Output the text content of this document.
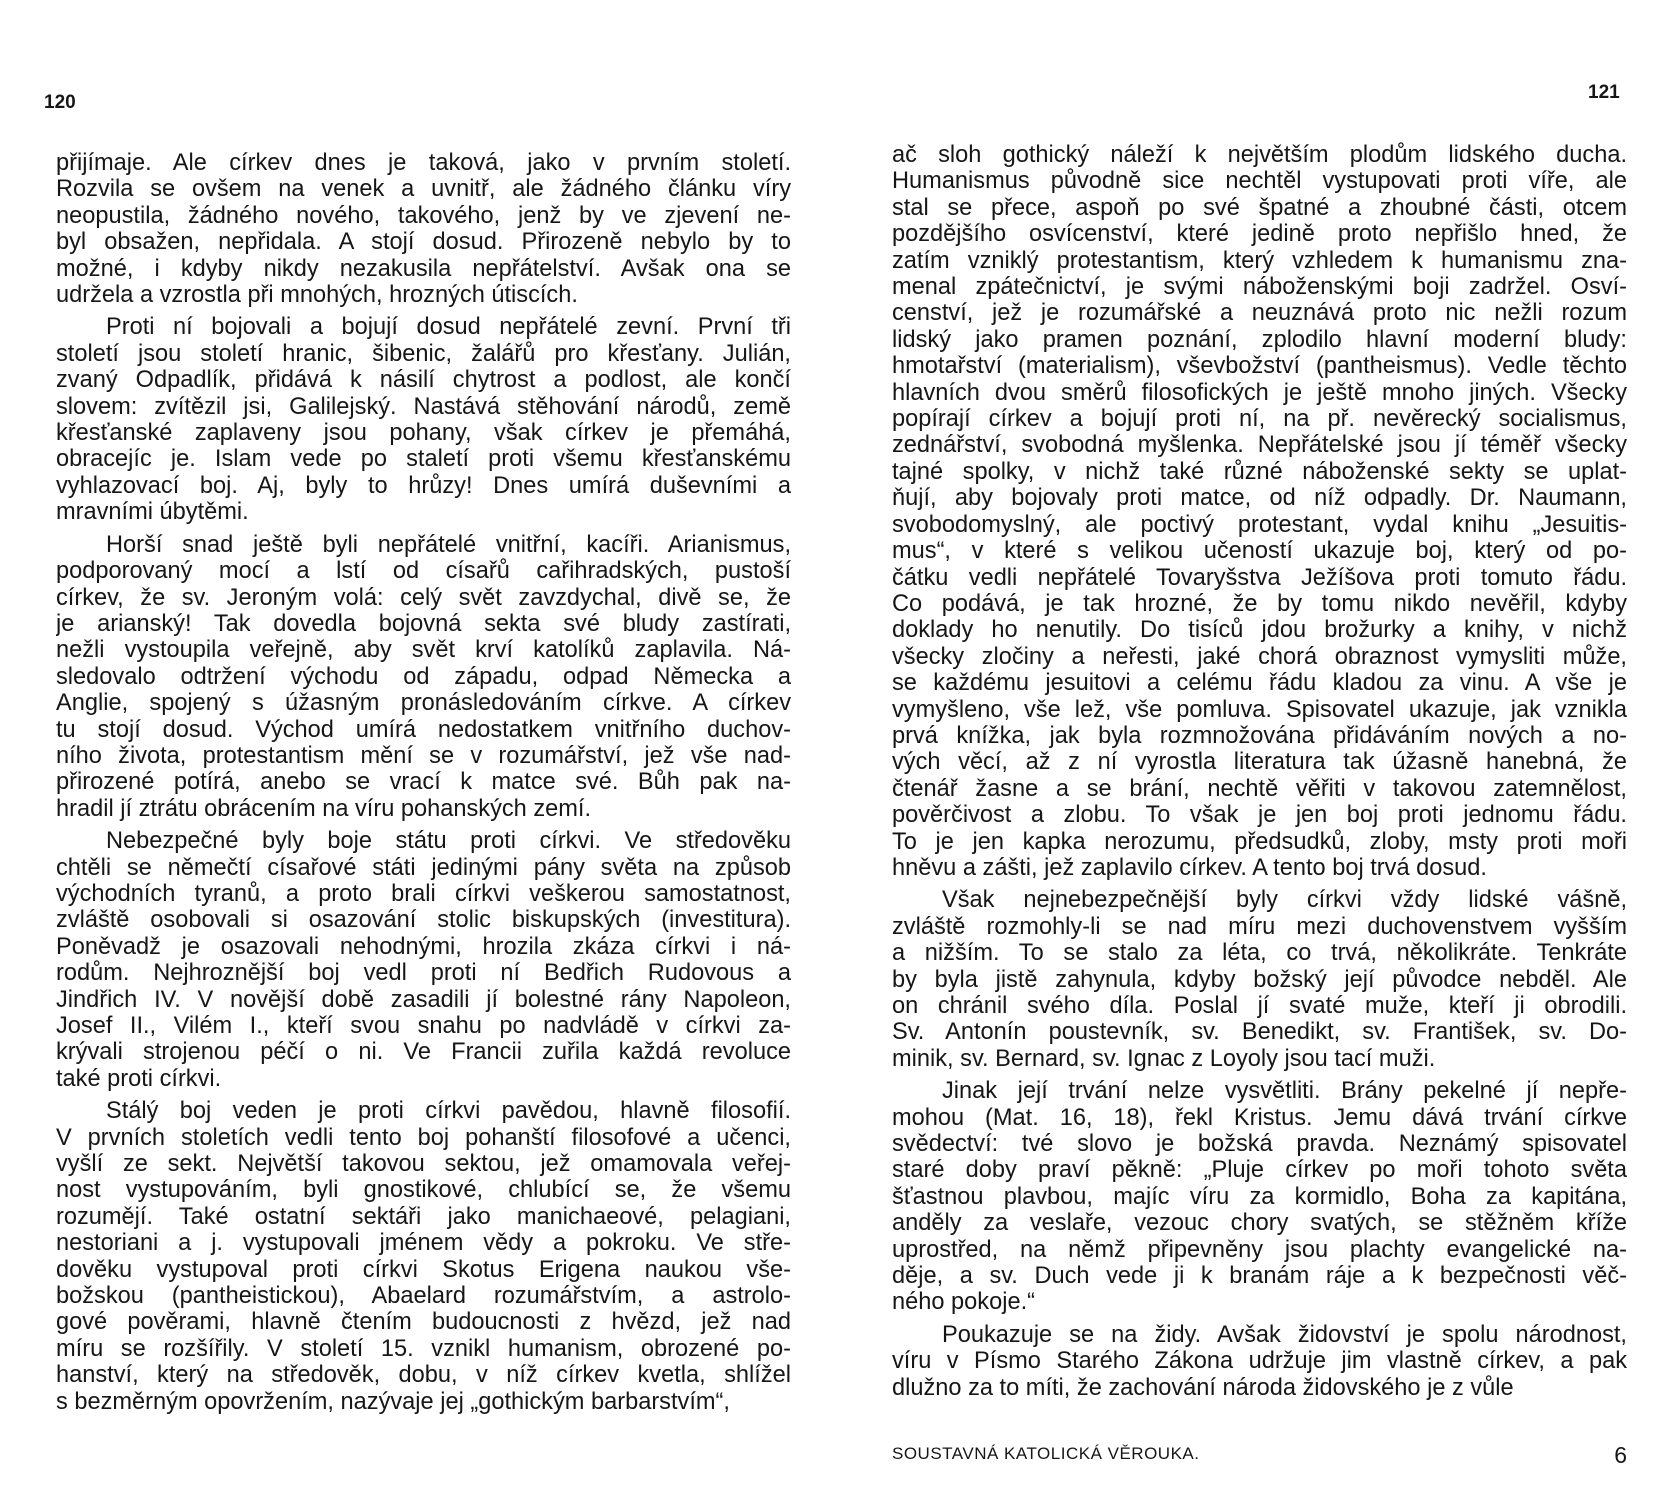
120	121
přijímaje. Ale církev dnes je taková, jako v prvním století.
Rozvila se ovšem na venek a uvnitř, ale žádného článku víry
neopustila, žádného nového, takového, jenž by ve zjevení ne-
byl obsažen, nepřidala. A stojí dosud. Přirozeně nebylo by to
možné, i kdyby nikdy nezakusila nepřátelství. Avšak ona se
udržela a vzrostla při mnohých, hrozných útiscích.
Proti ní bojovali a bojují dosud nepřátelé zevní. První tři
století jsou století hranic, šibenic, žalářů pro křesťany. Julián,
zvaný Odpadlík, přidává k násilí chytrost a podlost, ale končí
slovem: zvítězil jsi, Galilejský. Nastává stěhování národů, země
křesťanské zaplaveny jsou pohany, však církev je přemáhá,
obracejíc je. Islam vede po staletí proti všemu křesťanskému
vyhlazovací boj. Aj, byly to hrůzy! Dnes umírá duševními a
mravními úbytěmi.
Horší snad ještě byli nepřátelé vnitřní, kacíři. Arianismus,
podporovaný mocí a lstí od císařů cařihradských, pustoší
církev, že sv. Jeroným volá: celý svět zavzdychal, divě se, že
je arianský! Tak dovedla bojovná sekta své bludy zastírati,
nežli vystoupila veřejně, aby svět krví katolíků zaplavila. Ná-
sledovalo odtržení východu od západu, odpad Německa a
Anglie, spojený s úžasným pronásledováním církve. A církev
tu stojí dosud. Východ umírá nedostatkem vnitřního duchov-
ního života, protestantism mění se v rozumářství, jež vše nad-
přirozené potírá, anebo se vrací k matce své. Bůh pak na-
hradil jí ztrátu obrácením na víru pohanských zemí.
Nebezpečné byly boje státu proti církvi. Ve středověku
chtěli se němečtí císařové státi jedinými pány světa na způsob
východních tyranů, a proto brali církvi veškerou samostatnost,
zvláště osobovali si osazování stolic biskupských (investitura).
Poněvadž je osazovali nehodnými, hrozila zkáza církvi i ná-
rodům. Nejhroznější boj vedl proti ní Bedřich Rudovous a
Jindřich IV. V novější době zasadili jí bolestné rány Napoleon,
Josef II., Vilém I., kteří svou snahu po nadvládě v církvi za-
krývali strojenou péčí o ni. Ve Francii zuřila každá revoluce
také proti církvi.
Stálý boj veden je proti církvi pavědou, hlavně filosofií.
V prvních stoletích vedli tento boj pohanští filosofové a učenci,
vyšlí ze sekt. Největší takovou sektou, jež omamovala veřej-
nost vystupováním, byli gnostikové, chlubící se, že všemu
rozumějí. Také ostatní sektáři jako manichaeové, pelagiani,
nestoriani a j. vystupovali jménem vědy a pokroku. Ve stře-
dověku vystupoval proti církvi Skotus Erigena naukou vše-
božskou (pantheistickou), Abaelard rozumářstvím, a astrolo-
gové pověrami, hlavně čtením budoucnosti z hvězd, jež nad
míru se rozšířily. V století 15. vznikl humanism, obrozené po-
hanství, který na středověk, dobu, v níž církev kvetla, shlížel
s bezměrným opovržením, nazývaje jej „gothickým barbarstvím“,
ač sloh gothický náleží k největším plodům lidského ducha.
Humanismus původně sice nechtěl vystupovati proti víře, ale
stal se přece, aspoň po své špatné a zhoubné části, otcem
pozdějšího osvícenství, které jedině proto nepřišlo hned, že
zatím vzniklý protestantism, který vzhledem k humanismu zna-
menal zpátečnictví, je svými náboženskými boji zadržel. Osví-
cenství, jež je rozumářské a neuznává proto nic nežli rozum
lidský jako pramen poznání, zplodilo hlavní moderní bludy:
hmotařství (materialism), vševbožství (pantheismus). Vedle těchto
hlavních dvou směrů filosofických je ještě mnoho jiných. Všecky
popírají církev a bojují proti ní, na př. nevěrecký socialismus,
zednářství, svobodná myšlenka. Nepřátelské jsou jí téměř všecky
tajné spolky, v nichž také různé náboženské sekty se uplat-
ňují, aby bojovaly proti matce, od níž odpadly. Dr. Naumann,
svobodomyslný, ale poctivý protestant, vydal knihu „Jesuitis-
mus“, v které s velikou učeností ukazuje boj, který od po-
čátku vedli nepřátelé Tovaryšstva Ježíšova proti tomuto řádu.
Co podává, je tak hrozné, že by tomu nikdo nevěřil, kdyby
doklady ho nenutily. Do tisíců jdou brožurky a knihy, v nichž
všecky zločiny a neřesti, jaké chorá obraznost vymysliti může,
se každému jesuitovi a celému řádu kladou za vinu. A vše je
vymyšleno, vše lež, vše pomluva. Spisovatel ukazuje, jak vznikla
prvá knížka, jak byla rozmnožována přidáváním nových a no-
vých věcí, až z ní vyrostla literatura tak úžasně hanebná, že
čtenář žasne a se brání, nechtě věřiti v takovou zatemnělost,
pověrčivost a zlobu. To však je jen boj proti jednomu řádu.
To je jen kapka nerozumu, předsudků, zloby, msty proti moři
hněvu a zášti, jež zaplavilo církev. A tento boj trvá dosud.
Však nejnebezpečnější byly církvi vždy lidské vášně,
zvláště rozmohly-li se nad míru mezi duchovenstvem vyšším
a nižším. To se stalo za léta, co trvá, několikráte. Tenkráte
by byla jistě zahynula, kdyby božský její původce nebděl. Ale
on chránil svého díla. Poslal jí svaté muže, kteří ji obrodili.
Sv. Antonín poustevník, sv. Benedikt, sv. František, sv. Do-
minik, sv. Bernard, sv. Ignac z Loyoly jsou tací muži.
Jinak její trvání nelze vysvětliti. Brány pekelné jí nepře-
mohou (Mat. 16, 18), řekl Kristus. Jemu dává trvání církve
svědectví: tvé slovo je božská pravda. Neznámý spisovatel
staré doby praví pěkně: „Pluje církev po moři tohoto světa
šťastnou plavbou, majíc víru za kormidlo, Boha za kapitána,
anděly za veslaře, vezouc chory svatých, se stěžněm kříže
uprostřed, na němž připevněny jsou plachty evangelické na-
děje, a sv. Duch vede ji k branám ráje a k bezpečnosti věč-
ného pokoje.“
Poukazuje se na židy. Avšak židovství je spolu národnost,
víru v Písmo Starého Zákona udržuje jim vlastně církev, a pak
dlužno za to míti, že zachování národa židovského je z vůle
SOUSTAVNÁ KATOLICKÁ VĚROUKA.	6
